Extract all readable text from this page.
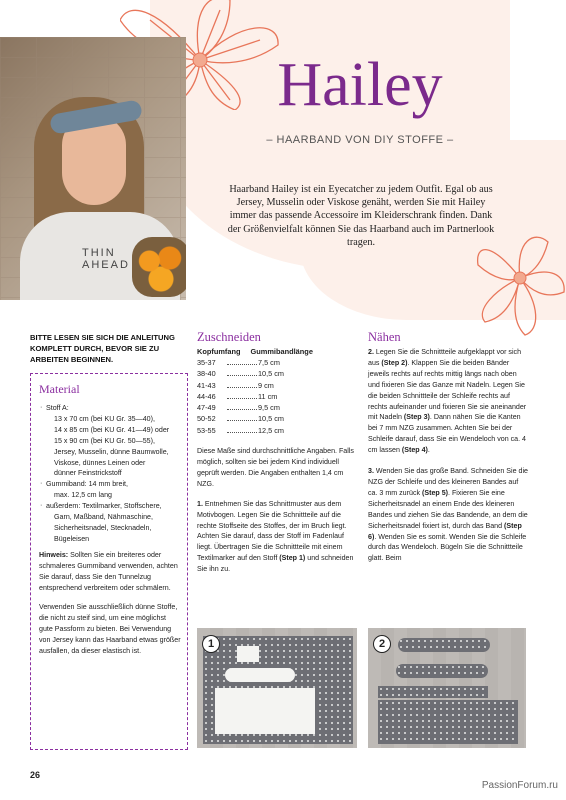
THIN
AHEAD
Hailey
– HAARBAND VON DIY STOFFE –
Haarband Hailey ist ein Eyecatcher zu jedem Outfit. Egal ob aus Jersey, Musselin oder Viskose genäht, werden Sie mit Hailey immer das passende Accessoire im Kleiderschrank finden. Dank der Größenvielfalt können Sie das Haarband auch im Partnerlook tragen.
BITTE LESEN SIE SICH DIE ANLEITUNG KOMPLETT DURCH, BEVOR SIE ZU ARBEITEN BEGINNEN.
Material
· Stoff A:
13 x 70 cm (bei KU Gr. 35—40),
14 x 85 cm (bei KU Gr. 41—49) oder
15 x 90 cm (bei KU Gr. 50—55),
Jersey, Musselin, dünne Baumwolle,
Viskose, dünnes Leinen oder
dünner Feinstrickstoff
· Gummiband: 14 mm breit,
max. 12,5 cm lang
· außerdem: Textilmarker, Stoffschere,
Garn, Maßband, Nähmaschine,
Sicherheitsnadel, Stecknadeln,
Bügeleisen
Hinweis: Sollten Sie ein breiteres oder schmaleres Gummiband verwenden, achten Sie darauf, dass Sie den Tunnelzug entsprechend verbreitern oder schmälern.
Verwenden Sie ausschließlich dünne Stoffe, die nicht zu steif sind, um eine möglichst gute Passform zu bieten. Bei Verwendung von Jersey kann das Haarband etwas größer ausfallen, da dieser elastisch ist.
Zuschneiden
Kopfumfang Gummibandlänge
35-37	7,5 cm
38-40	10,5 cm
41-43	9 cm
44-46	11 cm
47-49	9,5 cm
50-52	10,5 cm
53-55	12,5 cm
Diese Maße sind durchschnittliche Angaben. Falls möglich, sollten sie bei jedem Kind individuell geprüft werden. Die Angaben enthalten 1,4 cm NZG.
1. Entnehmen Sie das Schnittmuster aus dem Motivbogen. Legen Sie die Schnittteile auf die rechte Stoffseite des Stoffes, der im Bruch liegt. Achten Sie darauf, dass der Stoff im Fadenlauf liegt. Übertragen Sie die Schnittteile mit einem Textilmarker auf den Stoff (Step 1) und schneiden Sie ihn zu.
Nähen
2. Legen Sie die Schnittteile aufgeklappt vor sich aus (Step 2). Klappen Sie die beiden Bänder jeweils rechts auf rechts mittig längs nach oben und fixieren Sie das Ganze mit Nadeln. Legen Sie die beiden Schnittteile der Schleife rechts auf rechts aufeinander und fixieren Sie sie aneinander mit Nadeln (Step 3). Dann nähen Sie die Kanten bei 7 mm NZG zusammen. Achten Sie bei der Schleife darauf, dass Sie ein Wendeloch von ca. 4 cm lassen (Step 4).
3. Wenden Sie das große Band. Schneiden Sie die NZG der Schleife und des kleineren Bandes auf ca. 3 mm zurück (Step 5). Fixieren Sie eine Sicherheitsnadel an einem Ende des kleineren Bandes und ziehen Sie das Bandende, an dem die Sicherheitsnadel fixiert ist, durch das Band (Step 6). Wenden Sie es somit. Wenden Sie die Schleife durch das Wendeloch. Bügeln Sie die Schnittteile glatt. Beim
1	2
26
PassionForum.ru
